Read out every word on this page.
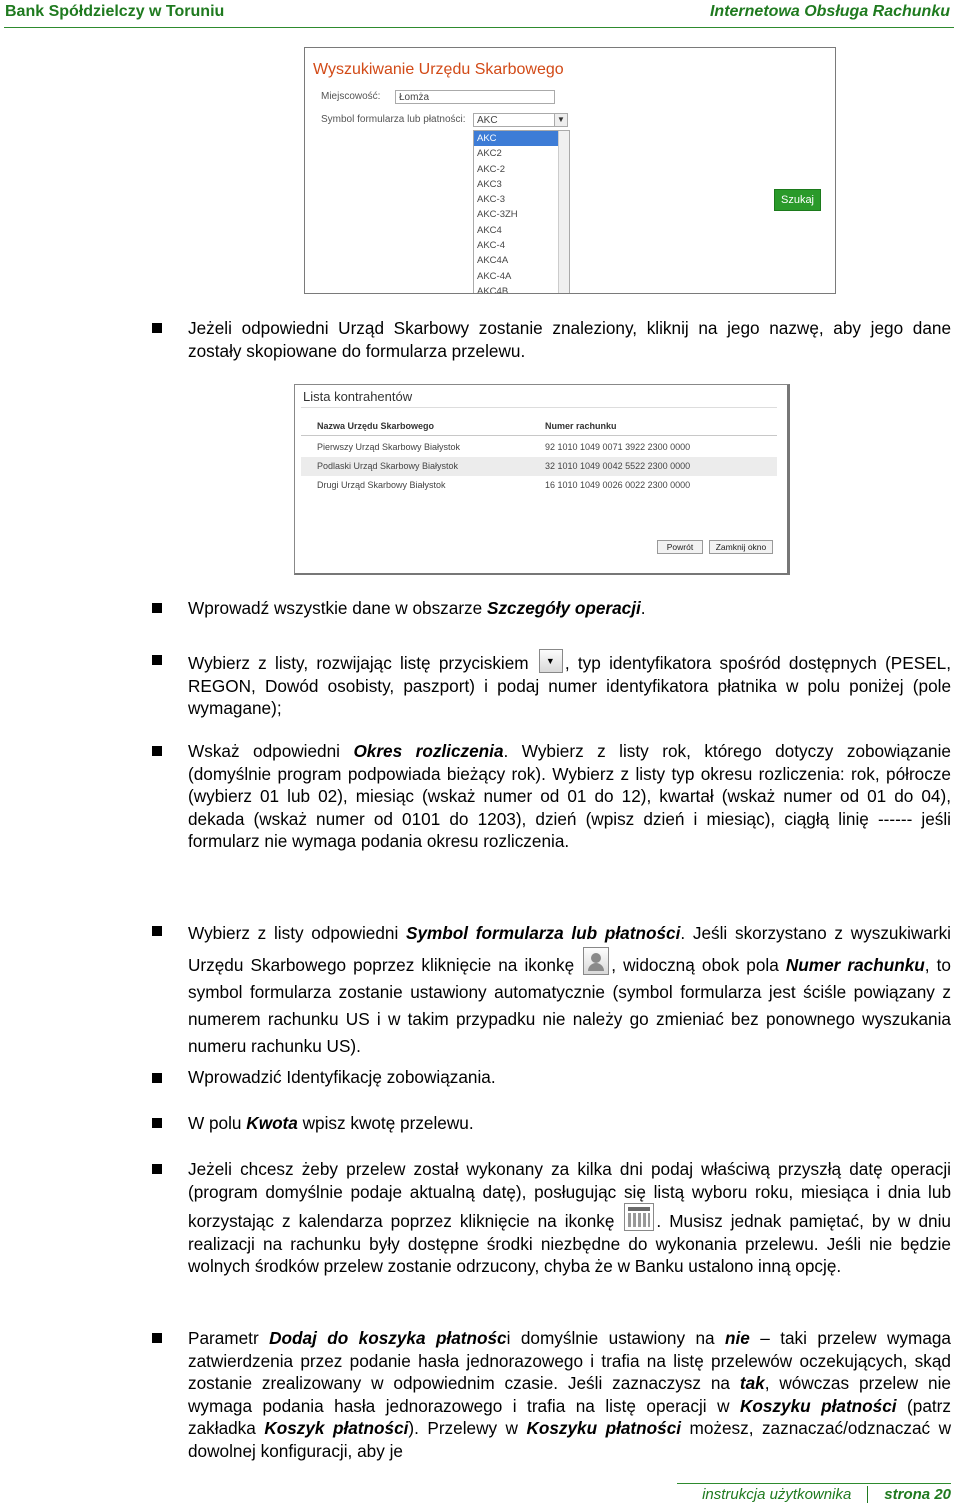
Bank Spółdzielczy w Toruniu	Internetowa Obsługa Rachunku
Wyszukiwanie Urzędu Skarbowego
Miejscowość:	Łomża
Symbol formularza lub płatności:	AKC	▼
AKC
AKC2
AKC-2
AKC3
AKC-3
AKC-3ZH
AKC4
AKC-4
AKC4A
AKC-4A
AKC4B
Szukaj
Jeżeli odpowiedni Urząd Skarbowy zostanie znaleziony, kliknij na jego nazwę, aby jego dane zostały skopiowane do formularza przelewu.
Lista kontrahentów
Nazwa Urzędu Skarbowego	Numer rachunku
Pierwszy Urząd Skarbowy Białystok	92 1010 1049 0071 3922 2300 0000
Podlaski Urząd Skarbowy Białystok	32 1010 1049 0042 5522 2300 0000
Drugi Urząd Skarbowy Białystok	16 1010 1049 0026 0022 2300 0000
Powrót	Zamknij okno
Wprowadź wszystkie dane w obszarze Szczegóły operacji.
Wybierz z listy, rozwijając listę przyciskiem ▼ , typ identyfikatora spośród dostępnych (PESEL, REGON, Dowód osobisty, paszport) i podaj numer identyfikatora płatnika w polu poniżej (pole wymagane);
Wskaż odpowiedni Okres rozliczenia. Wybierz z listy rok, którego dotyczy zobowiązanie (domyślnie program podpowiada bieżący rok). Wybierz z listy typ okresu rozliczenia: rok, półrocze (wybierz 01 lub 02), miesiąc (wskaż numer od 01 do 12), kwartał (wskaż numer od 01 do 04), dekada (wskaż numer od 0101 do 1203), dzień (wpisz dzień i miesiąc), ciągłą linię ------ jeśli formularz nie wymaga podania okresu rozliczenia.
Wybierz z listy odpowiedni Symbol formularza lub płatności. Jeśli skorzystano z wyszukiwarki Urzędu Skarbowego poprzez kliknięcie na ikonkę
, widoczną obok pola Numer rachunku, to symbol formularza zostanie ustawiony automatycznie (symbol formularza jest ściśle powiązany z numerem rachunku US i w takim przypadku nie należy go zmieniać bez ponownego wyszukania numeru rachunku US).
Wprowadzić Identyfikację zobowiązania.
W polu Kwota wpisz kwotę przelewu.
Jeżeli chcesz żeby przelew został wykonany za kilka dni podaj właściwą przyszłą datę operacji (program domyślnie podaje aktualną datę), posługując się listą wyboru roku, miesiąca i dnia lub korzystając z kalendarza poprzez kliknięcie na ikonkę
. Musisz jednak pamiętać, by w dniu realizacji na rachunku były dostępne środki niezbędne do wykonania przelewu. Jeśli nie będzie wolnych środków przelew zostanie odrzucony, chyba że w Banku ustalono inną opcję.
Parametr Dodaj do koszyka płatności domyślnie ustawiony na nie – taki przelew wymaga zatwierdzenia przez podanie hasła jednorazowego i trafia na listę przelewów oczekujących, skąd zostanie zrealizowany w odpowiednim czasie. Jeśli zaznaczysz na tak, wówczas przelew nie wymaga podania hasła jednorazowego i trafia na listę operacji w Koszyku płatności (patrz zakładka Koszyk płatności). Przelewy w Koszyku płatności możesz, zaznaczać/odznaczać w dowolnej konfiguracji, aby je
instrukcja użytkownika strona 20
